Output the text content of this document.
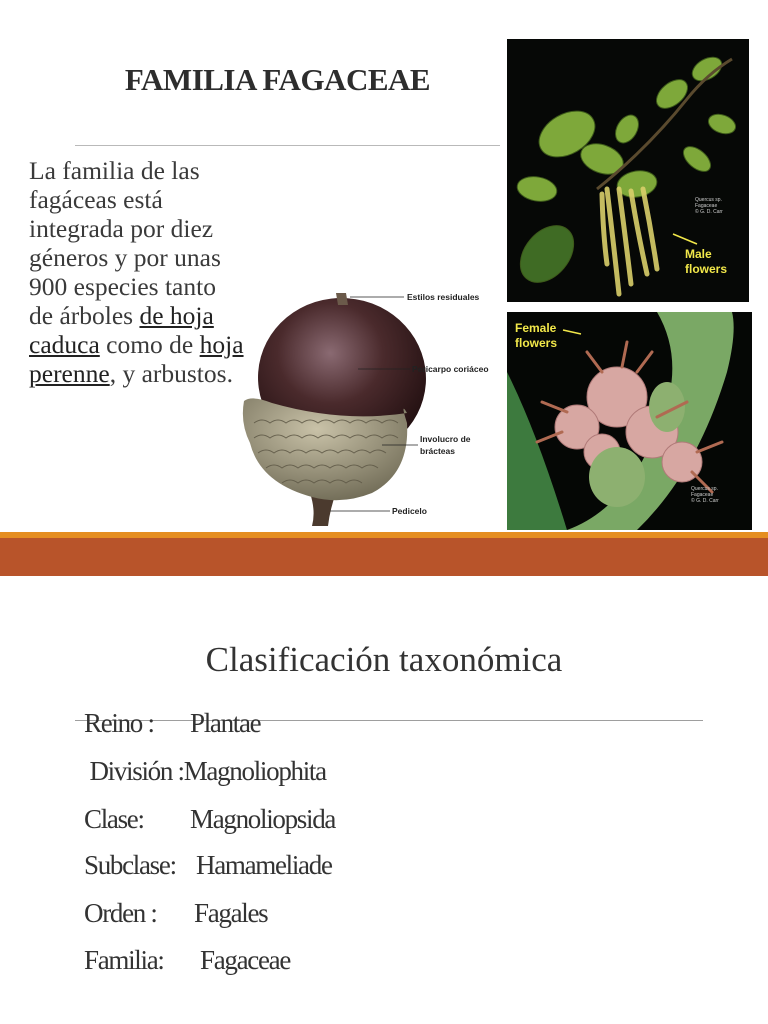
FAMILIA FAGACEAE
La familia de las fagáceas está integrada por diez géneros y por unas 900 especies tanto de árboles de hoja caduca como de hoja perenne, y arbustos.
Estilos residuales
Pericarpo coriáceo
Involucro de
brácteas
Pedicelo
Male
flowers
Quercus sp.
Fagaceae
© G. D. Carr
Female
flowers
Quercus sp.
Fagaceae
© G. D. Carr
Clasificación taxonómica
Reino : Plantae
División :Magnoliophita
Clase: Magnoliopsida
Subclase: Hamameliade
Orden : Fagales
Familia: Fagaceae
